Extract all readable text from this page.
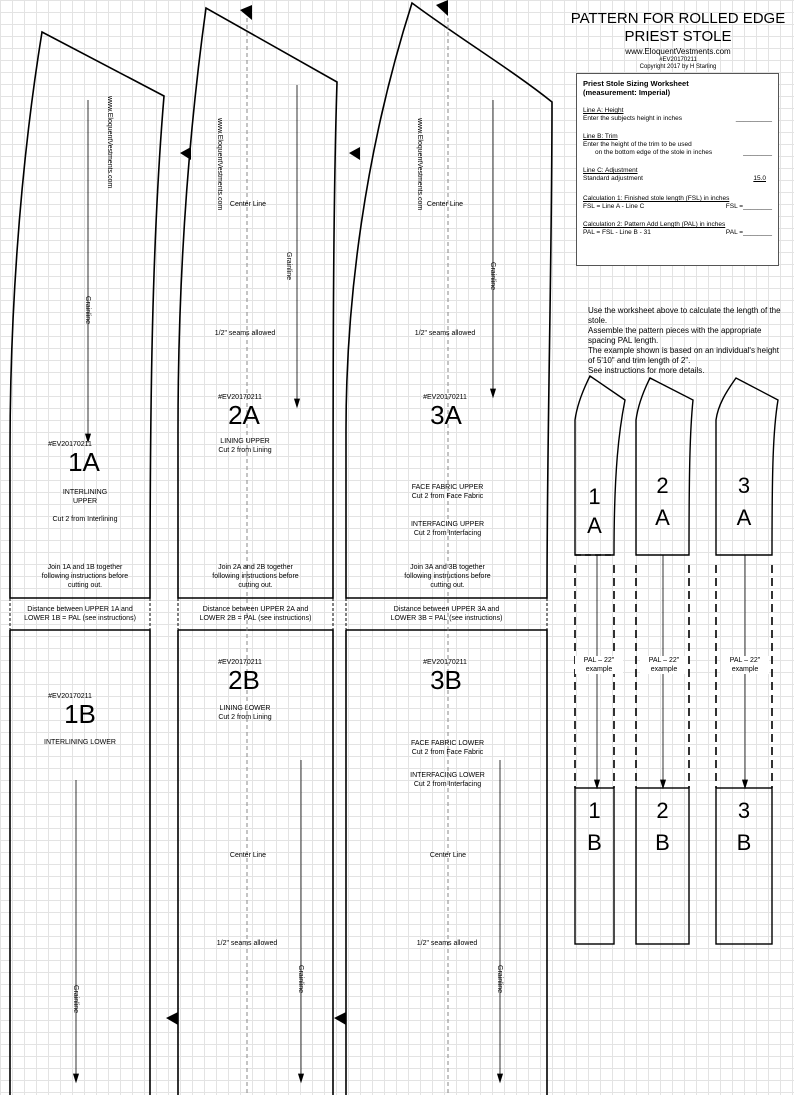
PATTERN FOR ROLLED EDGE
PRIEST STOLE
www.EloquentVestments.com
#EV20170211
Copyright 2017 by H Starling
Priest Stole Sizing Worksheet
(measurement: Imperial)
Line A: Height
Enter the subjects height in inches	__________
Line B: Trim
Enter the height of the trim to be used
on the bottom edge of the stole in inches	________
Line C: Adjustment
Standard adjustment	15.0
Calculation 1: Finished stole length (FSL) in inches
FSL = Line A - Line C	FSL =________
Calculation 2: Pattern Add Length (PAL) in inches
PAL = FSL - Line B - 31	PAL =________
Use the worksheet above to calculate the length of the stole.
Assemble the pattern pieces with the appropriate spacing PAL length.
The example shown is based on an individual's height of 5'10" and trim length of 2".
See instructions for more details.
www.EloquentVestments.com
Grainline
#EV20170211
1A
INTERLINING
UPPER
Cut 2 from Interlining
Join 1A and 1B together
following instructions before
cutting out.
www.EloquentVestments.com Center Line
Grainline
1/2" seams allowed
#EV20170211
2A
LINING UPPER
Cut 2 from Lining
Join 2A and 2B together
following instructions before
cutting out.
www.EloquentVestments.com Center Line
Grainline
1/2" seams allowed
#EV20170211
3A
FACE FABRIC UPPER
Cut 2 from Face Fabric
INTERFACING UPPER
Cut 2 from Interfacing
Join 3A and 3B together
following instructions before
cutting out.
Distance between UPPER 1A and
LOWER 1B = PAL (see instructions)
Distance between UPPER 2A and
LOWER 2B = PAL (see instructions)
Distance between UPPER 3A and
LOWER 3B = PAL (see instructions)
#EV20170211
1B
INTERLINING LOWER
Grainline
#EV20170211
2B
LINING LOWER
Cut 2 from Lining
Center Line
1/2" seams allowed
Grainline
#EV20170211
3B
FACE FABRIC LOWER
Cut 2 from Face Fabric
INTERFACING LOWER
Cut 2 from Interfacing
Center Line
1/2" seams allowed
Grainline
1
A
2
A
3
A
PAL – 22"
example
PAL – 22"
example
PAL – 22"
example
1
B
2
B
3
B
